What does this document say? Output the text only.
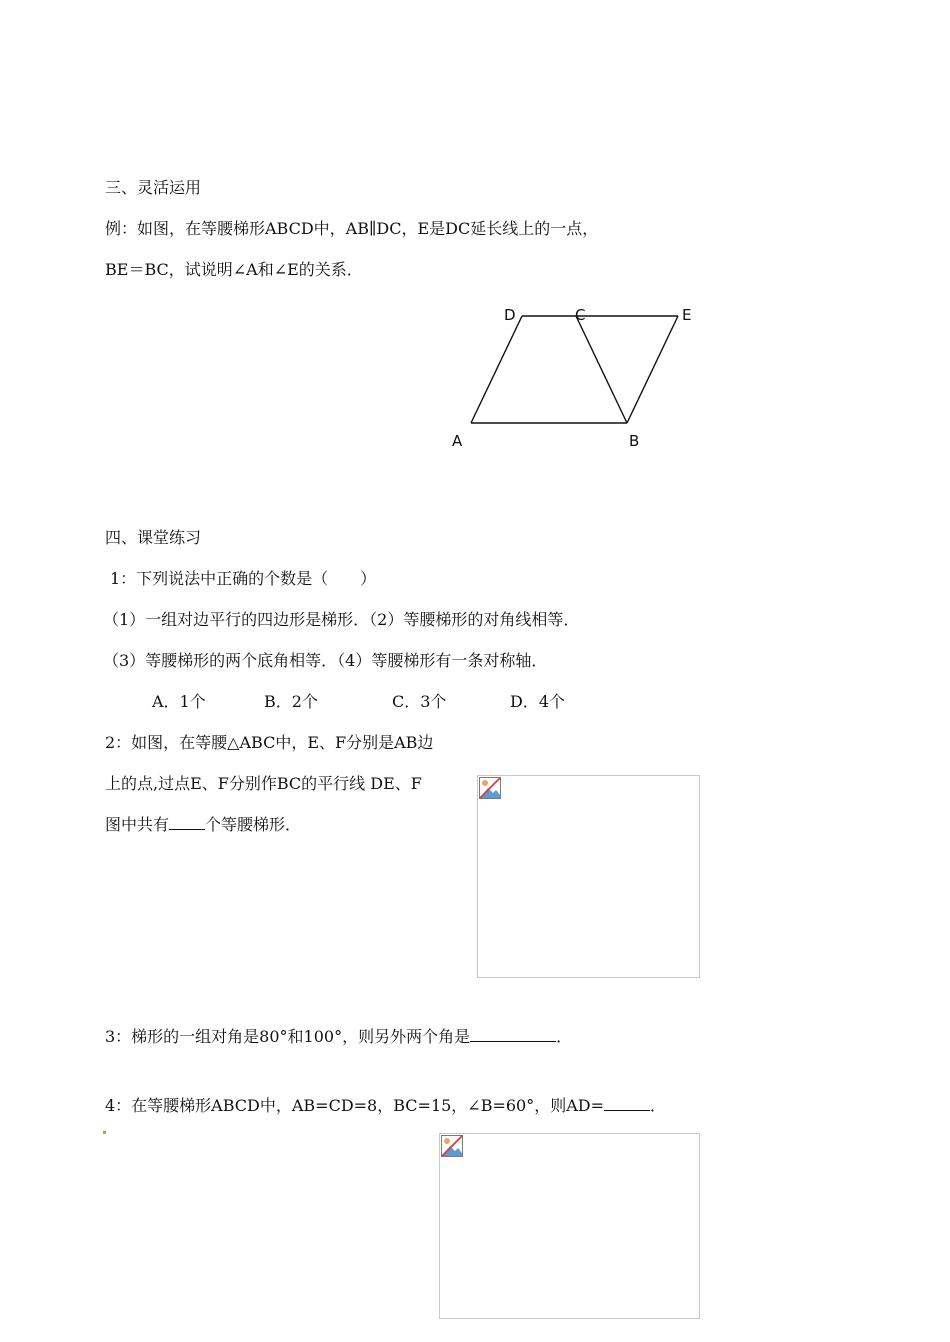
三、灵活运用
例：如图，在等腰梯形ABCD中，AB∥DC，E是DC延长线上的一点，
BE＝BC，试说明∠A和∠E的关系．
D	C	E
A	B
四、课堂练习
1：下列说法中正确的个数是（　　）
（1）一组对边平行的四边形是梯形．（2）等腰梯形的对角线相等．
（3）等腰梯形的两个底角相等．（4）等腰梯形有一条对称轴．
A．1个	B．2个	C．3个	D．4个
2：如图，在等腰△ABC中，E、F分别是AB边
上的点,过点E、F分别作BC的平行线 DE、F
图中共有 个等腰梯形．
3：梯形的一组对角是80°和100°，则另外两个角是	．
4：在等腰梯形ABCD中，AB=CD=8，BC=15，∠B=60°，则AD=	．
